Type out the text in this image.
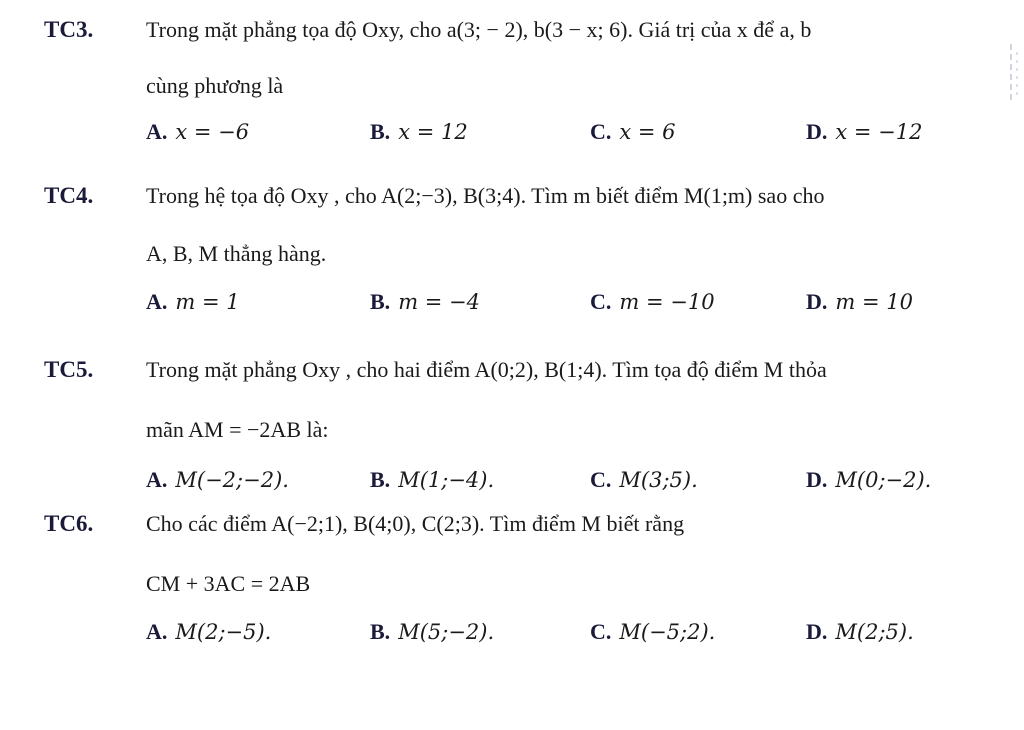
TC3. Trong mặt phẳng tọa độ Oxy, cho a(3; − 2), b(3 − x; 6). Giá trị của x để a, b
cùng phương là
A. x = −6	B. x = 12	C. x = 6	D. x = −12
TC4. Trong hệ tọa độ Oxy , cho A(2;−3), B(3;4). Tìm m biết điểm M(1;m) sao cho
A, B, M thẳng hàng.
A. m = 1	B. m = −4	C. m = −10	D. m = 10
TC5. Trong mặt phẳng Oxy , cho hai điểm A(0;2), B(1;4). Tìm tọa độ điểm M thỏa
mãn AM = −2AB là:
A. M(−2;−2).	B. M(1;−4).	C. M(3;5).	D. M(0;−2).
TC6. Cho các điểm A(−2;1), B(4;0), C(2;3). Tìm điểm M biết rằng
CM + 3AC = 2AB
A. M(2;−5).	B. M(5;−2).	C. M(−5;2).	D. M(2;5).
